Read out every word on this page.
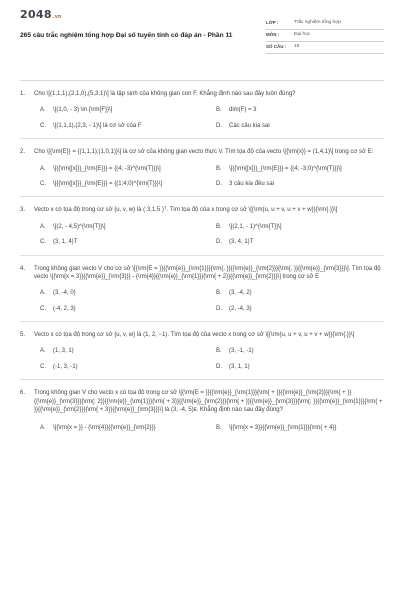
2048 .vn
265 câu trắc nghiệm tổng hợp Đại số tuyến tính có đáp án - Phần 11
LỚP :	Trắc nghiệm tổng hợp
MÔN :	Đại học
SỐ CÂU :	15
1.	Cho \[(1,1,1),(2,1,0),(5,3,1)\] là tập sinh của không gian con F. Khẳng định nào sau đây luôn đúng?
A.	\[(1,0, - 3) \in {\rm{F}}\]	B.	dim(F) = 3
C.	\[(1,1,1),(2,3, - 1)\] là cơ sở của F	D.	Các câu kia sai
2.	Cho \[{\rm{E}} = {(1,1,1);(1,0,1)}\] là cơ sở của không gian vecto thực V. Tìm tọa độ của vecto \[{\rm{x}} = (1,4,1)\] trong cơ sở E:
A.	\[{{\rm{[x]}}_{\rm{E}}} = {(4; -3)^{\rm{T}}}\]	B.	\[{{\rm{[x]}}_{\rm{E}}} = {(4; -3;0)^{\rm{T}}}\]
C.	\[{{\rm{[x]}}_{\rm{E}}} = {(1;4;0)^{\rm{T}}}\]	D.	3 câu kia đều sai
3.	Vecto x có tọa độ trong cơ sở {u, v, w} là ( 3,1,5 )ᵀ. Tìm tọa độ của x trong cơ sở \[{\rm{u, u + v, u + v + w}}{\rm{.}}\]
A.	\[(2, - 4,5)^{\rm{T}}\]	B.	\[(2,1, - 1)^{\rm{T}}\]
C.	(3, 1, 4)T	D.	(3, 4, 1)T
4.	Trong không gian vecto V cho cơ sở \[{\rm{E = }}{{\rm{e}}_{\rm{1}}}{\rm{, }}{{\rm{e}}_{\rm{2}}}{\rm{, }}{{\rm{e}}_{\rm{3}}}\]. Tìm tọa độ vecto \[{\rm{x = 3}}{{\rm{e}}_{\rm{3}}} - {\rm{4}}{{\rm{e}}_{\rm{1}}}{\rm{ + 2}}{{\rm{e}}_{\rm{2}}}\] trong cơ sở E
A.	(3, -4, 0)	B.	(3, -4, 2)
C.	(-4, 2, 3)	D.	(2, -4, 3)
5.	Vecto x có tọa độ trong cơ sở {u, v, w} là (1, 2, −1). Tìm tọa độ của vecto x trong cơ sở \[{\rm{u, u + v, u + v + w}}{\rm{.}}\]
A.	(1, 3, 1)	B.	(3, -1, -1)
C.	(-1, 3, -1)	D.	(3, 1, 1)
6.	Trong không gian V cho vecto x có tọa độ trong cơ sở \[{\rm{E = }}{{\rm{e}}_{\rm{1}}}{\rm{ + }}{{\rm{e}}_{\rm{2}}}{\rm{ + }}{{\rm{e}}_{\rm{3}}}{\rm{; 2}}{{\rm{e}}_{\rm{1}}}{\rm{ + 3}}{{\rm{e}}_{\rm{2}}}{\rm{ + }}{{\rm{e}}_{\rm{3}}}{\rm{; }}{{\rm{e}}_{\rm{1}}}{\rm{ + }}{{\rm{e}}_{\rm{2}}}{\rm{ + 3}}{{\rm{e}}_{\rm{3}}}\] là (3, -4, 5)ᴇ. Khẳng định nào sau đây đúng?
A.	\[{\rm{x = }} - {\rm{4}}{{\rm{e}}_{\rm{2}}}	B.	\[{\rm{x = 3}}{{\rm{e}}_{\rm{1}}}{\rm{ + 4}}
